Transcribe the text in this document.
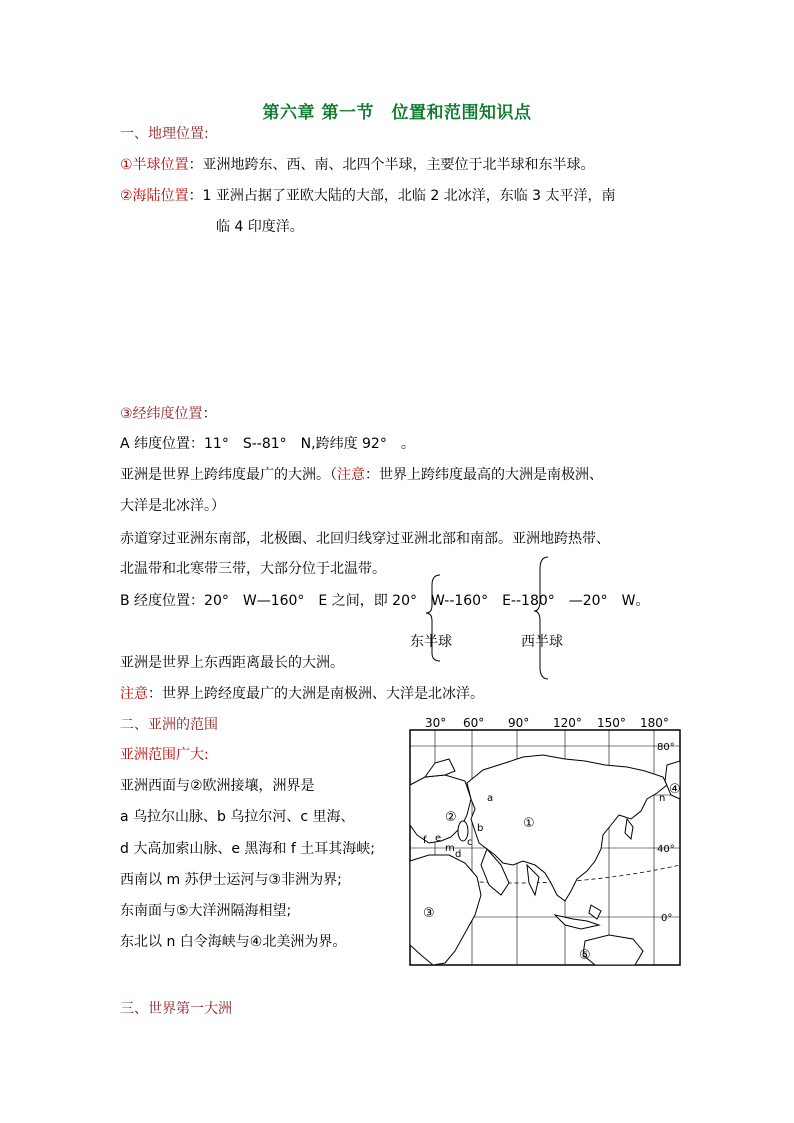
第六章 第一节　位置和范围知识点
一、地理位置:
①半球位置：亚洲地跨东、西、南、北四个半球，主要位于北半球和东半球。
②海陆位置：1 亚洲占据了亚欧大陆的大部，北临 2 北冰洋，东临 3 太平洋，南
临 4 印度洋。
③经纬度位置：
A 纬度位置：11°　S--81°　N,跨纬度 92°　。
亚洲是世界上跨纬度最广的大洲。（注意：世界上跨纬度最高的大洲是南极洲、
大洋是北冰洋。）
赤道穿过亚洲东南部，北极圈、北回归线穿过亚洲北部和南部。亚洲地跨热带、
北温带和北寒带三带，大部分位于北温带。
B 经度位置：20°　W—160°　E 之间，即 20°　W--160°　E--180°　—20°　W。
东半球	西半球
亚洲是世界上东西距离最长的大洲。
注意：世界上跨经度最广的大洲是南极洲、大洋是北冰洋。
二、亚洲的范围
亚洲范围广大:
亚洲西面与②欧洲接壤，洲界是
a 乌拉尔山脉、b 乌拉尔河、c 里海、
d 大高加索山脉、e 黑海和 f 土耳其海峡;
西南以 m 苏伊士运河与③非洲为界;
东南面与⑤大洋洲隔海相望;
东北以 n 白令海峡与④北美洲为界。
30° 60° 90° 120° 150° 180°
80°
40°
0°
①
②
③
④
⑤
a
b
c
d
e
f
m
n
三、世界第一大洲
